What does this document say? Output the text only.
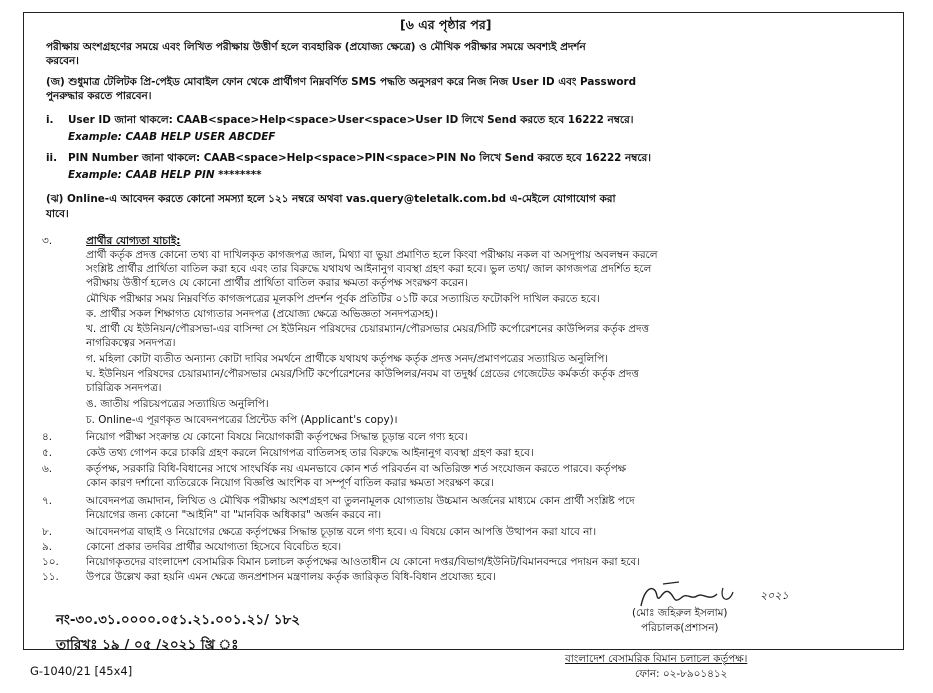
[৬ এর পৃষ্ঠার পর]
পরীক্ষায় অংশগ্রহণের সময়ে এবং লিখিত পরীক্ষায় উত্তীর্ণ হলে ব্যবহারিক (প্রযোজ্য ক্ষেত্রে) ও মৌখিক পরীক্ষার সময়ে অবশ্যই প্রদর্শন
করবেন।
(জ) শুধুমাত্র টেলিটক প্রি-পেইড মোবাইল ফোন থেকে প্রার্থীগণ নিম্নবর্ণিত SMS পদ্ধতি অনুসরণ করে নিজ নিজ User ID এবং Password
পুনরুদ্ধার করতে পারবেন।
i. User ID জানা থাকলে: CAAB<space>Help<space>User<space>User ID লিখে Send করতে হবে 16222 নম্বরে।
Example: CAAB HELP USER ABCDEF
ii. PIN Number জানা থাকলে: CAAB<space>Help<space>PIN<space>PIN No লিখে Send করতে হবে 16222 নম্বরে।
Example: CAAB HELP PIN ********
(ঝ) Online-এ আবেদন করতে কোনো সমস্যা হলে ১২১ নম্বরে অথবা vas.query@teletalk.com.bd এ-মেইলে যোগাযোগ করা
যাবে।
৩.	প্রার্থীর যোগ্যতা যাচাই:
প্রার্থী কর্তৃক প্রদত্ত কোনো তথ্য বা দাখিলকৃত কাগজপত্র জাল, মিথ্যা বা ভুয়া প্রমাণিত হলে কিংবা পরীক্ষায় নকল বা অসদুপায় অবলম্বন করলে
সংশ্লিষ্ট প্রার্থীর প্রার্থিতা বাতিল করা হবে এবং তার বিরুদ্ধে যথাযথ আইনানুগ ব্যবস্থা গ্রহণ করা হবে। ভুল তথ্য/ জাল কাগজপত্র প্রদর্শিত হলে
পরীক্ষায় উত্তীর্ণ হলেও যে কোনো প্রার্থীর প্রার্থিতা বাতিল করার ক্ষমতা কর্তৃপক্ষ সংরক্ষণ করেন।
মৌখিক পরীক্ষার সময় নিম্নবর্ণিত কাগজপত্রের মূলকপি প্রদর্শন পূর্বক প্রতিটির ০১টি করে সত্যায়িত ফটোকপি দাখিল করতে হবে।
ক. প্রার্থীর সকল শিক্ষাগত যোগ্যতার সনদপত্র (প্রযোজ্য ক্ষেত্রে অভিজ্ঞতা সনদপত্রসহ)।
খ. প্রার্থী যে ইউনিয়ন/পৌরসভা-এর বাসিন্দা সে ইউনিয়ন পরিষদের চেয়ারম্যান/পৌরসভার মেয়র/সিটি কর্পোরেশনের কাউন্সিলর কর্তৃক প্রদত্ত
নাগরিকত্বের সনদপত্র।
গ. মহিলা কোটা ব্যতীত অন্যান্য কোটা দাবির সমর্থনে প্রার্থীকে যথাযথ কর্তৃপক্ষ কর্তৃক প্রদত্ত সনদ/প্রমাণপত্রের সত্যায়িত অনুলিপি।
ঘ. ইউনিয়ন পরিষদের চেয়ারম্যান/পৌরসভার মেয়র/সিটি কর্পোরেশনের কাউন্সিলর/নবম বা তদুর্ধ্ব গ্রেডের গেজেটেড কর্মকর্তা কর্তৃক প্রদত্ত
চারিত্রিক সনদপত্র।
ঙ. জাতীয় পরিচয়পত্রের সত্যায়িত অনুলিপি।
চ. Online-এ পূরণকৃত আবেদনপত্রের প্রিন্টেড কপি (Applicant's copy)।
৪.	নিয়োগ পরীক্ষা সংক্রান্ত যে কোনো বিষয়ে নিয়োগকারী কর্তৃপক্ষের সিদ্ধান্ত চূড়ান্ত বলে গণ্য হবে।
৫.	কেউ তথ্য গোপন করে চাকরি গ্রহণ করলে নিয়োগপত্র বাতিলসহ তার বিরুদ্ধে আইনানুগ ব্যবস্থা গ্রহণ করা হবে।
৬.	কর্তৃপক্ষ, সরকারি বিধি-বিধানের সাথে সাংঘর্ষিক নয় এমনভাবে কোন শর্ত পরিবর্তন বা অতিরিক্ত শর্ত সংযোজন করতে পারবে। কর্তৃপক্ষ
কোন কারণ দর্শানো ব্যতিরেকে নিয়োগ বিজ্ঞপ্তি আংশিক বা সম্পূর্ণ বাতিল করার ক্ষমতা সংরক্ষণ করে।
৭.	আবেদনপত্র জমাদান, লিখিত ও মৌখিক পরীক্ষায় অংশগ্রহণ বা তুলনামূলক যোগ্যতায় উচ্চমান অর্জনের মাধ্যমে কোন প্রার্থী সংশ্লিষ্ট পদে
নিয়োগের জন্য কোনো "আইনি" বা "মানবিক অধিকার" অর্জন করবে না।
৮.	আবেদনপত্র বাছাই ও নিয়োগের ক্ষেত্রে কর্তৃপক্ষের সিদ্ধান্ত চূড়ান্ত বলে গণ্য হবে। এ বিষয়ে কোন আপত্তি উত্থাপন করা যাবে না।
৯.	কোনো প্রকার তদবির প্রার্থীর অযোগ্যতা হিসেবে বিবেচিত হবে।
১০.	নিয়োগকৃতদের বাংলাদেশ বেসামরিক বিমান চলাচল কর্তৃপক্ষের আওতাধীন যে কোনো দপ্তর/বিভাগ/ইউনিট/বিমানবন্দরে পদায়ন করা হবে।
১১.	উপরে উল্লেখ করা হয়নি এমন ক্ষেত্রে জনপ্রশাসন মন্ত্রণালয় কর্তৃক জারিকৃত বিধি-বিধান প্রযোজ্য হবে।
নং-৩০.৩১.০০০০.০৫১.২১.০০১.২১/ ১৮২
তারিখঃ ১৯ / ০৫ /২০২১ খ্রি ঃ
G-1040/21 [45x4]
২০২১
(মোঃ জহিরুল ইসলাম)
পরিচালক(প্রশাসন)
বাংলাদেশ বেসামরিক বিমান চলাচল কর্তৃপক্ষ।
ফোন: ০২-৮৯০১৪১২
